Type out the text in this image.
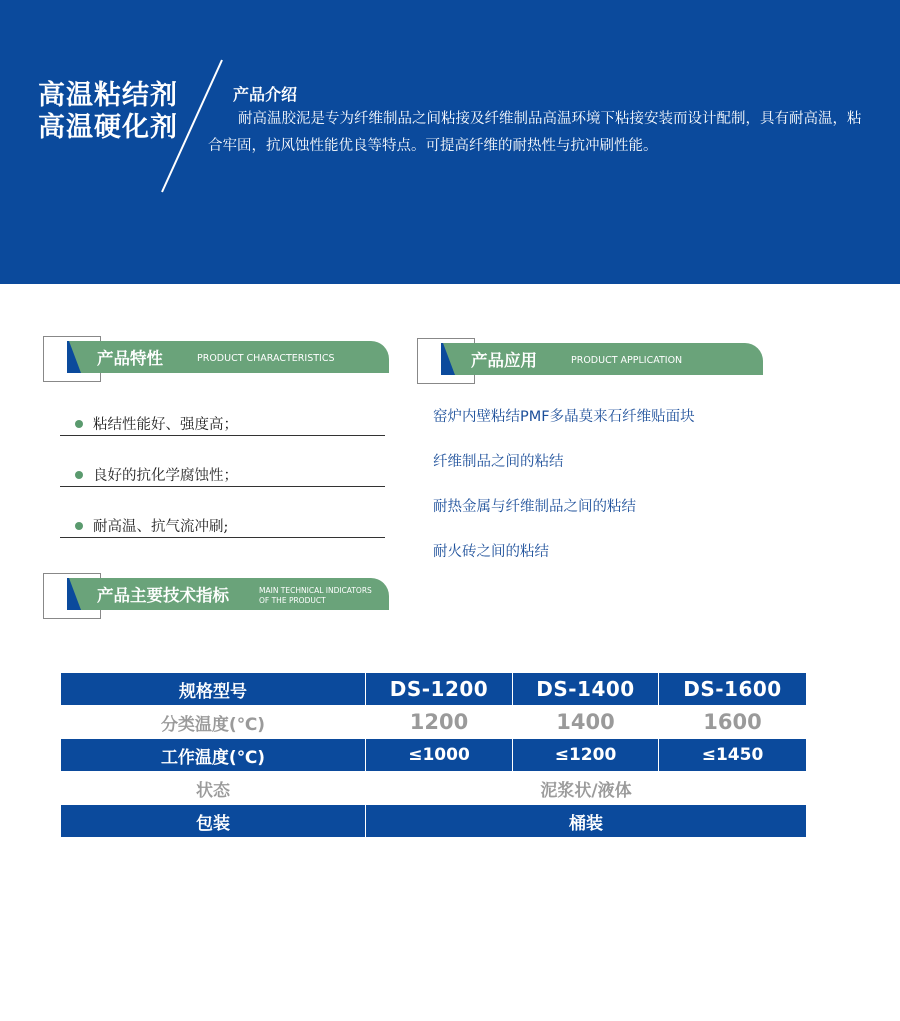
高温粘结剂
高温硬化剂
产品介绍
耐高温胶泥是专为纤维制品之间粘接及纤维制品高温环境下粘接安装而设计配制，具有耐高温，粘合牢固，抗风蚀性能优良等特点。可提高纤维的耐热性与抗冲刷性能。
产品特性	PRODUCT CHARACTERISTICS	产品应用	PRODUCT APPLICATION
粘结性能好、强度高；
良好的抗化学腐蚀性；
耐高温、抗气流冲刷;
窑炉内壁粘结PMF多晶莫来石纤维贴面块
纤维制品之间的粘结
耐热金属与纤维制品之间的粘结
耐火砖之间的粘结
产品主要技术指标	MAIN TECHNICAL INDICATORS
OF THE PRODUCT
规格型号	DS-1200	DS-1400	DS-1600
分类温度(℃)	1200	1400	1600
工作温度(℃)	≤1000	≤1200	≤1450
状态	泥浆状/液体		
包装	桶装		
